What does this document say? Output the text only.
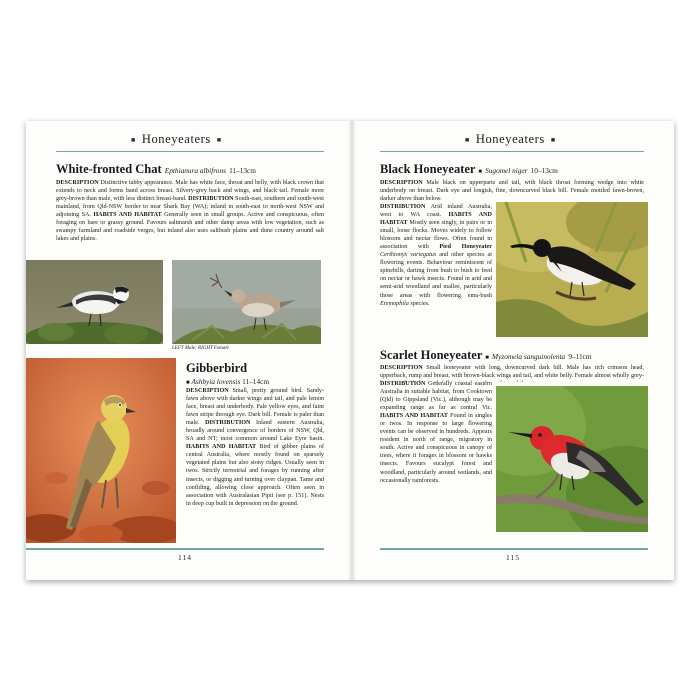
■ Honeyeaters ■
White-fronted Chat Epthianura albifrons 11–13cm
DESCRIPTION Distinctive tabby appearance. Male has white face, throat and belly, with black crown that extends to neck and forms band across breast. Silvery-grey back and wings, and black tail. Female more grey-brown than male, with less distinct breast-band. DISTRIBUTION South-east, southern and south-west mainland, from Qld-NSW border to near Shark Bay (WA); inland in south-east to north-west NSW and adjoining SA. HABITS AND HABITAT Generally seen in small groups. Active and conspicuous, often foraging on bare or grassy ground. Favours saltmarsh and other damp areas with low vegetation, such as swampy farmland and roadside verges, but inland also uses saltbush plains and dune country around salt lakes and plains.
LEFT Male; RIGHT Female
Gibberbird
■ Ashbyia lovensis 11–14cm
DESCRIPTION Small, pretty ground bird. Sandy-fawn above with darker wings and tail, and pale lemon face, breast and underbody. Pale yellow eyes, and faint fawn stripe through eye. Dark bill. Female is paler than male. DISTRIBUTION Inland eastern Australia, broadly around convergence of borders of NSW, Qld, SA and NT; most common around Lake Eyre basin. HABITS AND HABITAT Bird of gibber plains of central Australia, where mostly found on sparsely vegetated plains but also stony ridges. Usually seen in twos. Strictly terrestrial and forages by running after insects, or digging and turning over claypan. Tame and confiding, allowing close approach. Often seen in association with Australasian Pipit (see p. 151). Nests in deep cup built in depression on the ground.
114
■ Honeyeaters ■
Black Honeyeater ■ Sugomel niger 10–13cm
DESCRIPTION Male black on upperparts and tail, with black throat forming wedge into white underbody on breast. Dark eye and longish, fine, downcurved black bill. Female mottled fawn-brown, darker above than below.
DISTRIBUTION Arid inland Australia, west to WA coast. HABITS AND HABITAT Mostly seen singly, in pairs or in small, loose flocks. Moves widely to follow blossom and nectar flows. Often found in association with Pied Honeyeater Certhionyx variegatus and other species at flowering events. Behaviour reminiscent of spinebills, darting from bush to bush to feed on nectar or hawk insects. Found in arid and semi-arid woodland and mallee, particularly those areas with flowering emu-bush Eremophila species.
Scarlet Honeyeater ■ Myzomela sanguinolenta 9–11cm
DESCRIPTION Small honeyeater with long, downcurved dark bill. Male has rich crimson head, upperback, rump and breast, with brown-black wings and tail, and white belly. Female almost wholly grey-
DISTRIBUTION Generally coastal eastern Australia in suitable habitat, from Cooktown (Qld) to Gippsland (Vic.), although may be expanding range as far as central Vic. HABITS AND HABITAT Found in singles or twos. In response to large flowering events can be observed in hundreds. Appears resident in north of range, migratory in south. Active and conspicuous in canopy of trees, where it forages in blossom or hawks insects. Favours eucalypt forest and woodland, particularly around wetlands, and occasionally rainforests.
115
